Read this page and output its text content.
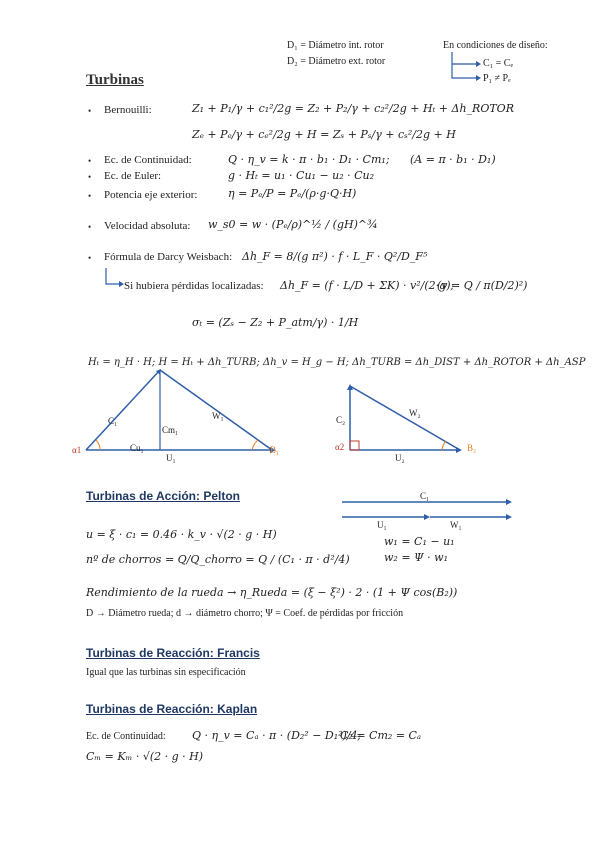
D₁ = Diámetro int. rotor
D₂ = Diámetro ext. rotor
En condiciones de diseño:
C₁ = Cₑ
P₁ ≠ Pₑ
Turbinas
• Bernouilli:	Z₁ + P₁/γ + c₁²/2g = Z₂ + P₂/γ + c₂²/2g + Hₜ + Δh_ROTOR
Zₑ + Pₑ/γ + cₑ²/2g + H = Zₛ + Pₛ/γ + cₛ²/2g + H
• Ec. de Continuidad:	Q · η_v = k · π · b₁ · D₁ · Cm₁; (A = π · b₁ · D₁)
• Ec. de Euler:	g · Hₜ = u₁ · Cu₁ − u₂ · Cu₂
• Potencia eje exterior:	η = Pₑ/P = Pₑ/(ρ·g·Q·H)
• Velocidad absoluta: w_s0 = w · (Pₑ/ρ)^½ / (gH)^¾
• Fórmula de Darcy Weisbach: Δh_F = 8/(g π²) · f · L_F · Q²/D_F⁵
Si hubiera pérdidas localizadas: Δh_F = (f · L/D + ΣK) · v²/(2·g);
(v = Q / π(D/2)²)
σₜ = (Zₛ − Z₂ + P_atm/γ) · 1/H
Hₜ = η_H · H; H = Hₜ + Δh_TURB; Δh_v = H_g − H; Δh_TURB = Δh_DIST + Δh_ROTOR + Δh_ASP
α1
C₁
Cm₁
W₁
Cu₁
U₁
B₁	α2
C₂
W₂
U₂
B₂
Turbinas de Acción: Pelton
u = ξ · c₁ = 0.46 · k_v · √(2 · g · H)
nº de chorros = Q/Q_chorro = Q / (C₁ · π · d²/4)
Rendimiento de la rueda → η_Rueda = (ξ − ξ²) · 2 · (1 + Ψ cos(B₂))
D → Diámetro rueda; d → diámetro chorro; Ψ = Coef. de pérdidas por fricción
C₁
U₁	W₁
w₁ = C₁ − u₁
w₂ = Ψ · w₁
Turbinas de Reacción: Francis
Igual que las turbinas sin especificación
Turbinas de Reacción: Kaplan
Ec. de Continuidad: Q · η_v = Cₐ · π · (D₂² − D₁²)/4;
C₂ = Cm₂ = Cₐ
Cₘ = Kₘ · √(2 · g · H)
